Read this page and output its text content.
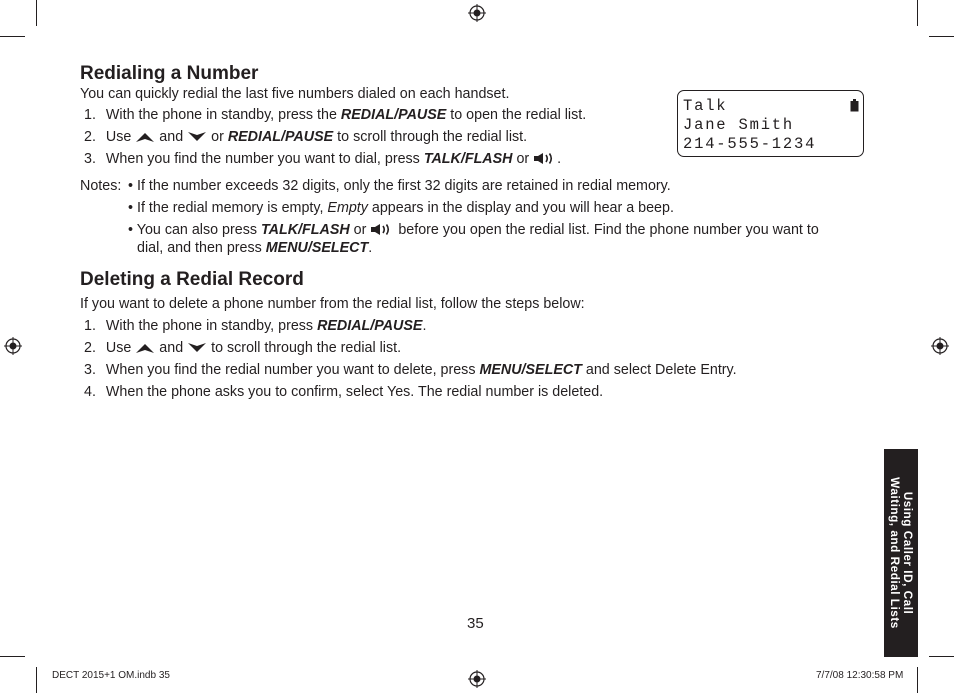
Redialing a Number
You can quickly redial the last five numbers dialed on each handset.
1. With the phone in standby, press the REDIAL/PAUSE to open the redial list.
2. Use  and  or REDIAL/PAUSE to scroll through the redial list.
3. When you find the number you want to dial, press TALK/FLASH or .
Talk
Jane Smith
214-555-1234
Notes: • If the number exceeds 32 digits, only the first 32 digits are retained in redial memory.
• If the redial memory is empty, Empty appears in the display and you will hear a beep.
• You can also press TALK/FLASH or  before you open the redial list. Find the phone number you want to
dial, and then press MENU/SELECT.
Deleting a Redial Record
If you want to delete a phone number from the redial list, follow the steps below:
1. With the phone in standby, press REDIAL/PAUSE.
2. Use  and  to scroll through the redial list.
3. When you find the redial number you want to delete, press MENU/SELECT and select Delete Entry.
4. When the phone asks you to confirm, select Yes. The redial number is deleted.
35
Using Caller ID, Call
Waiting, and Redial Lists
DECT 2015+1 OM.indb 35	7/7/08 12:30:58 PM
